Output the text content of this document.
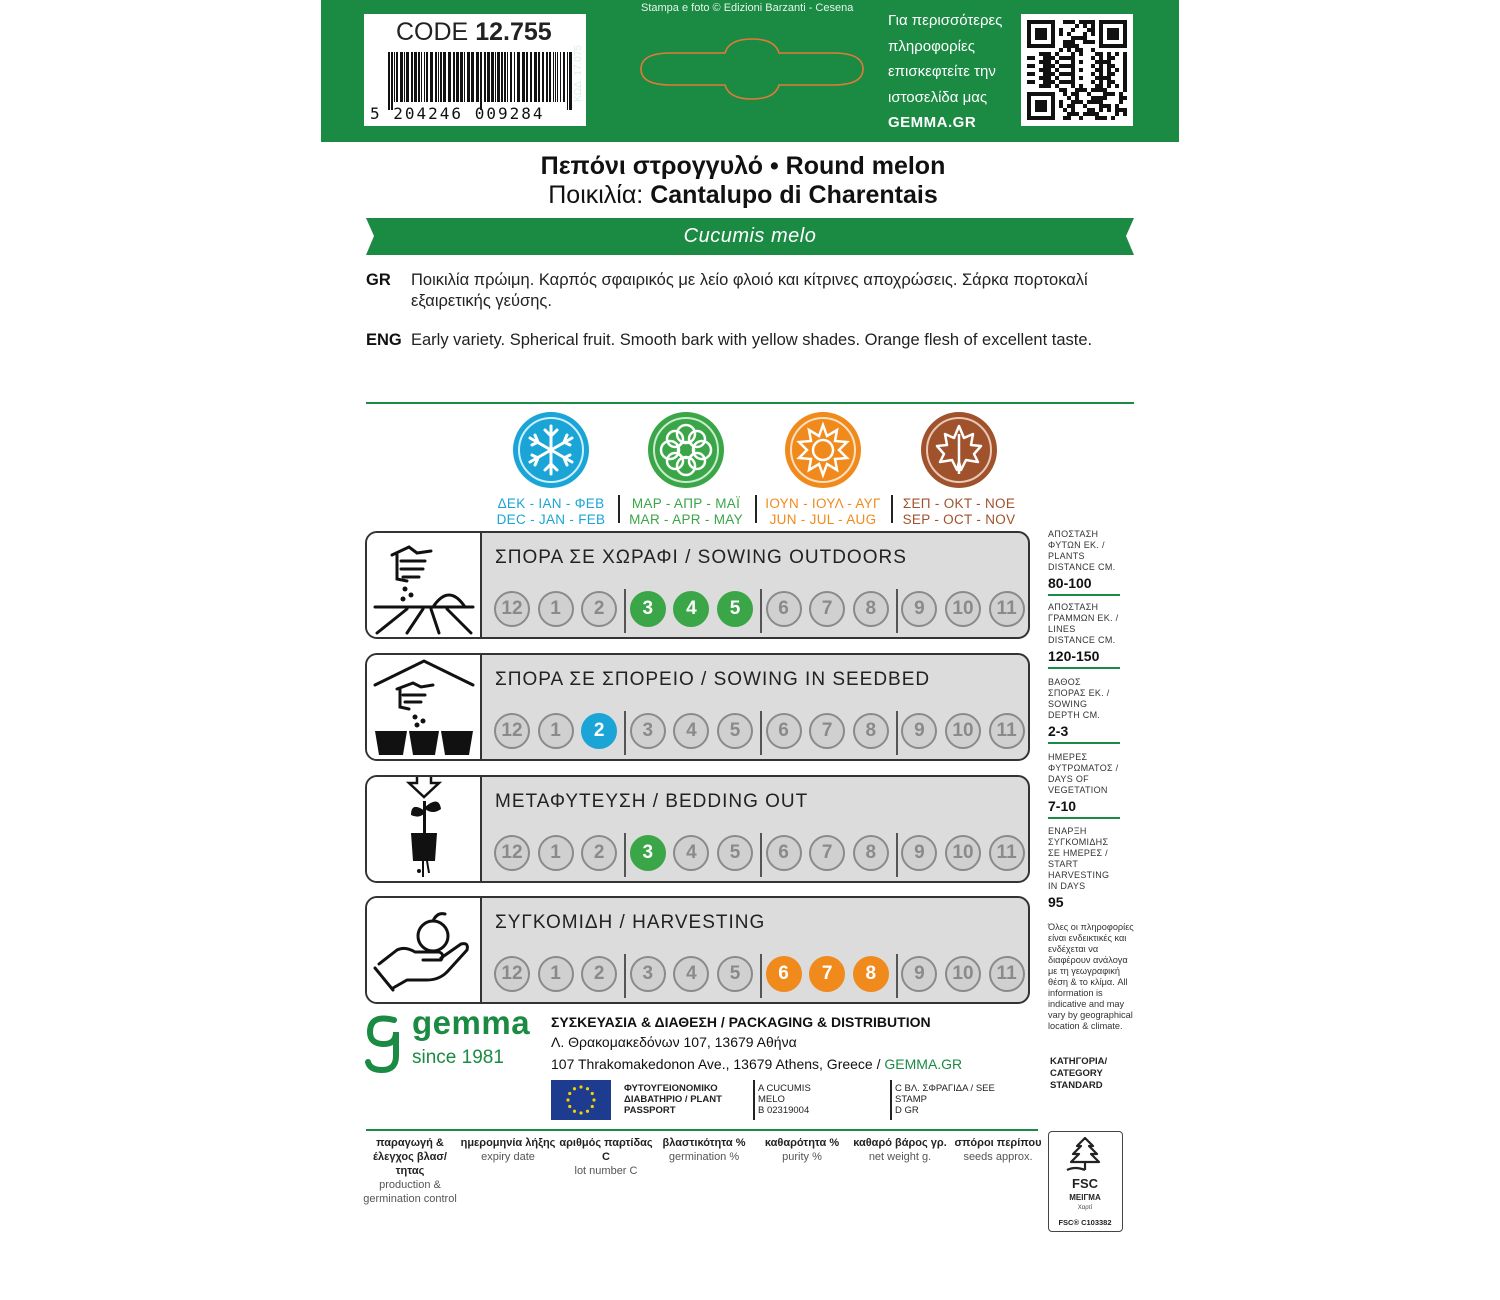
CODE 12.755
5 204246 009284
ΚΩΔ. 17.075
Stampa e foto © Edizioni Barzanti - Cesena
Για περισσότερες
πληροφορίες
επισκεφτείτε την
ιστοσελίδα μας
GEMMA.GR
Πεπόνι στρογγυλό • Round melon
Ποικιλία: Cantalupo di Charentais
Cucumis melo
GR Ποικιλία πρώιμη. Καρπός σφαιρικός με λείο φλοιό και κίτρινες αποχρώσεις. Σάρκα πορτοκαλί εξαιρετικής γεύσης.
ENG Early variety. Spherical fruit. Smooth bark with yellow shades. Orange flesh of excellent taste.
ΔΕΚ - ΙΑΝ - ΦΕΒ
DEC - JAN - FEB
ΜΑΡ - ΑΠΡ - ΜΑΪ
MAR - APR - MAY
ΙΟΥΝ - ΙΟΥΛ - ΑΥΓ
JUN - JUL - AUG
ΣΕΠ - ΟΚΤ - ΝΟΕ
SEP - OCT - NOV
ΣΠΟΡΑ ΣΕ ΧΩΡΑΦΙ / SOWING OUTDOORS
12	1	2	3	4	5	6	7	8	9	10	11
ΣΠΟΡΑ ΣΕ ΣΠΟΡΕΙΟ / SOWING IN SEEDBED
12	1	2	3	4	5	6	7	8	9	10	11
ΜΕΤΑΦΥΤΕΥΣΗ / BEDDING OUT
12	1	2	3	4	5	6	7	8	9	10	11
ΣΥΓΚΟΜΙΔΗ / HARVESTING
12	1	2	3	4	5	6	7	8	9	10	11
ΑΠΟΣΤΑΣΗ ΦΥΤΩΝ ΕΚ. / PLANTS DISTANCE CM.
80-100
ΑΠΟΣΤΑΣΗ ΓΡΑΜΜΩΝ ΕΚ. / LINES DISTANCE CM.
120-150
ΒΑΘΟΣ ΣΠΟΡΑΣ ΕΚ. / SOWING DEPTH CM.
2-3
ΗΜΕΡΕΣ ΦΥΤΡΩΜΑΤΟΣ / DAYS OF VEGETATION
7-10
ΕΝΑΡΞΗ ΣΥΓΚΟΜΙΔΗΣ ΣΕ ΗΜΕΡΕΣ / START HARVESTING IN DAYS
95
Όλες οι πληροφορίες είναι ενδεικτικές και ενδέχεται να διαφέρουν ανάλογα με τη γεωγραφική θέση & το κλίμα. All information is indicative and may vary by geographical location & climate.
ΚΑΤΗΓΟΡΙΑ/ CATEGORY STANDARD
gemma
since 1981
ΣΥΣΚΕΥΑΣΙΑ & ΔΙΑΘΕΣΗ / PACKAGING & DISTRIBUTION
Λ. Θρακομακεδόνων 107, 13679 Αθήνα
107 Thrakomakedonon Ave., 13679 Athens, Greece / GEMMA.GR
ΦΥΤΟΥΓΕΙΟΝΟΜΙΚΟ ΔΙΑΒΑΤΗΡΙΟ / PLANT PASSPORT
A CUCUMIS MELO
B 02319004
C ΒΛ. ΣΦΡΑΓΙΔΑ / SEE STAMP
D GR
παραγωγή & έλεγχος βλασ/τητας
production & germination control
ημερομηνία λήξης
expiry date
αριθμός παρτίδας C
lot number C
βλαστικότητα %
germination %
καθαρότητα %
purity %
καθαρό βάρος γρ.
net weight g.
σπόροι περίπου
seeds approx.
FSC
ΜΕΙΓΜΑ
Χαρτί
FSC® C103382
